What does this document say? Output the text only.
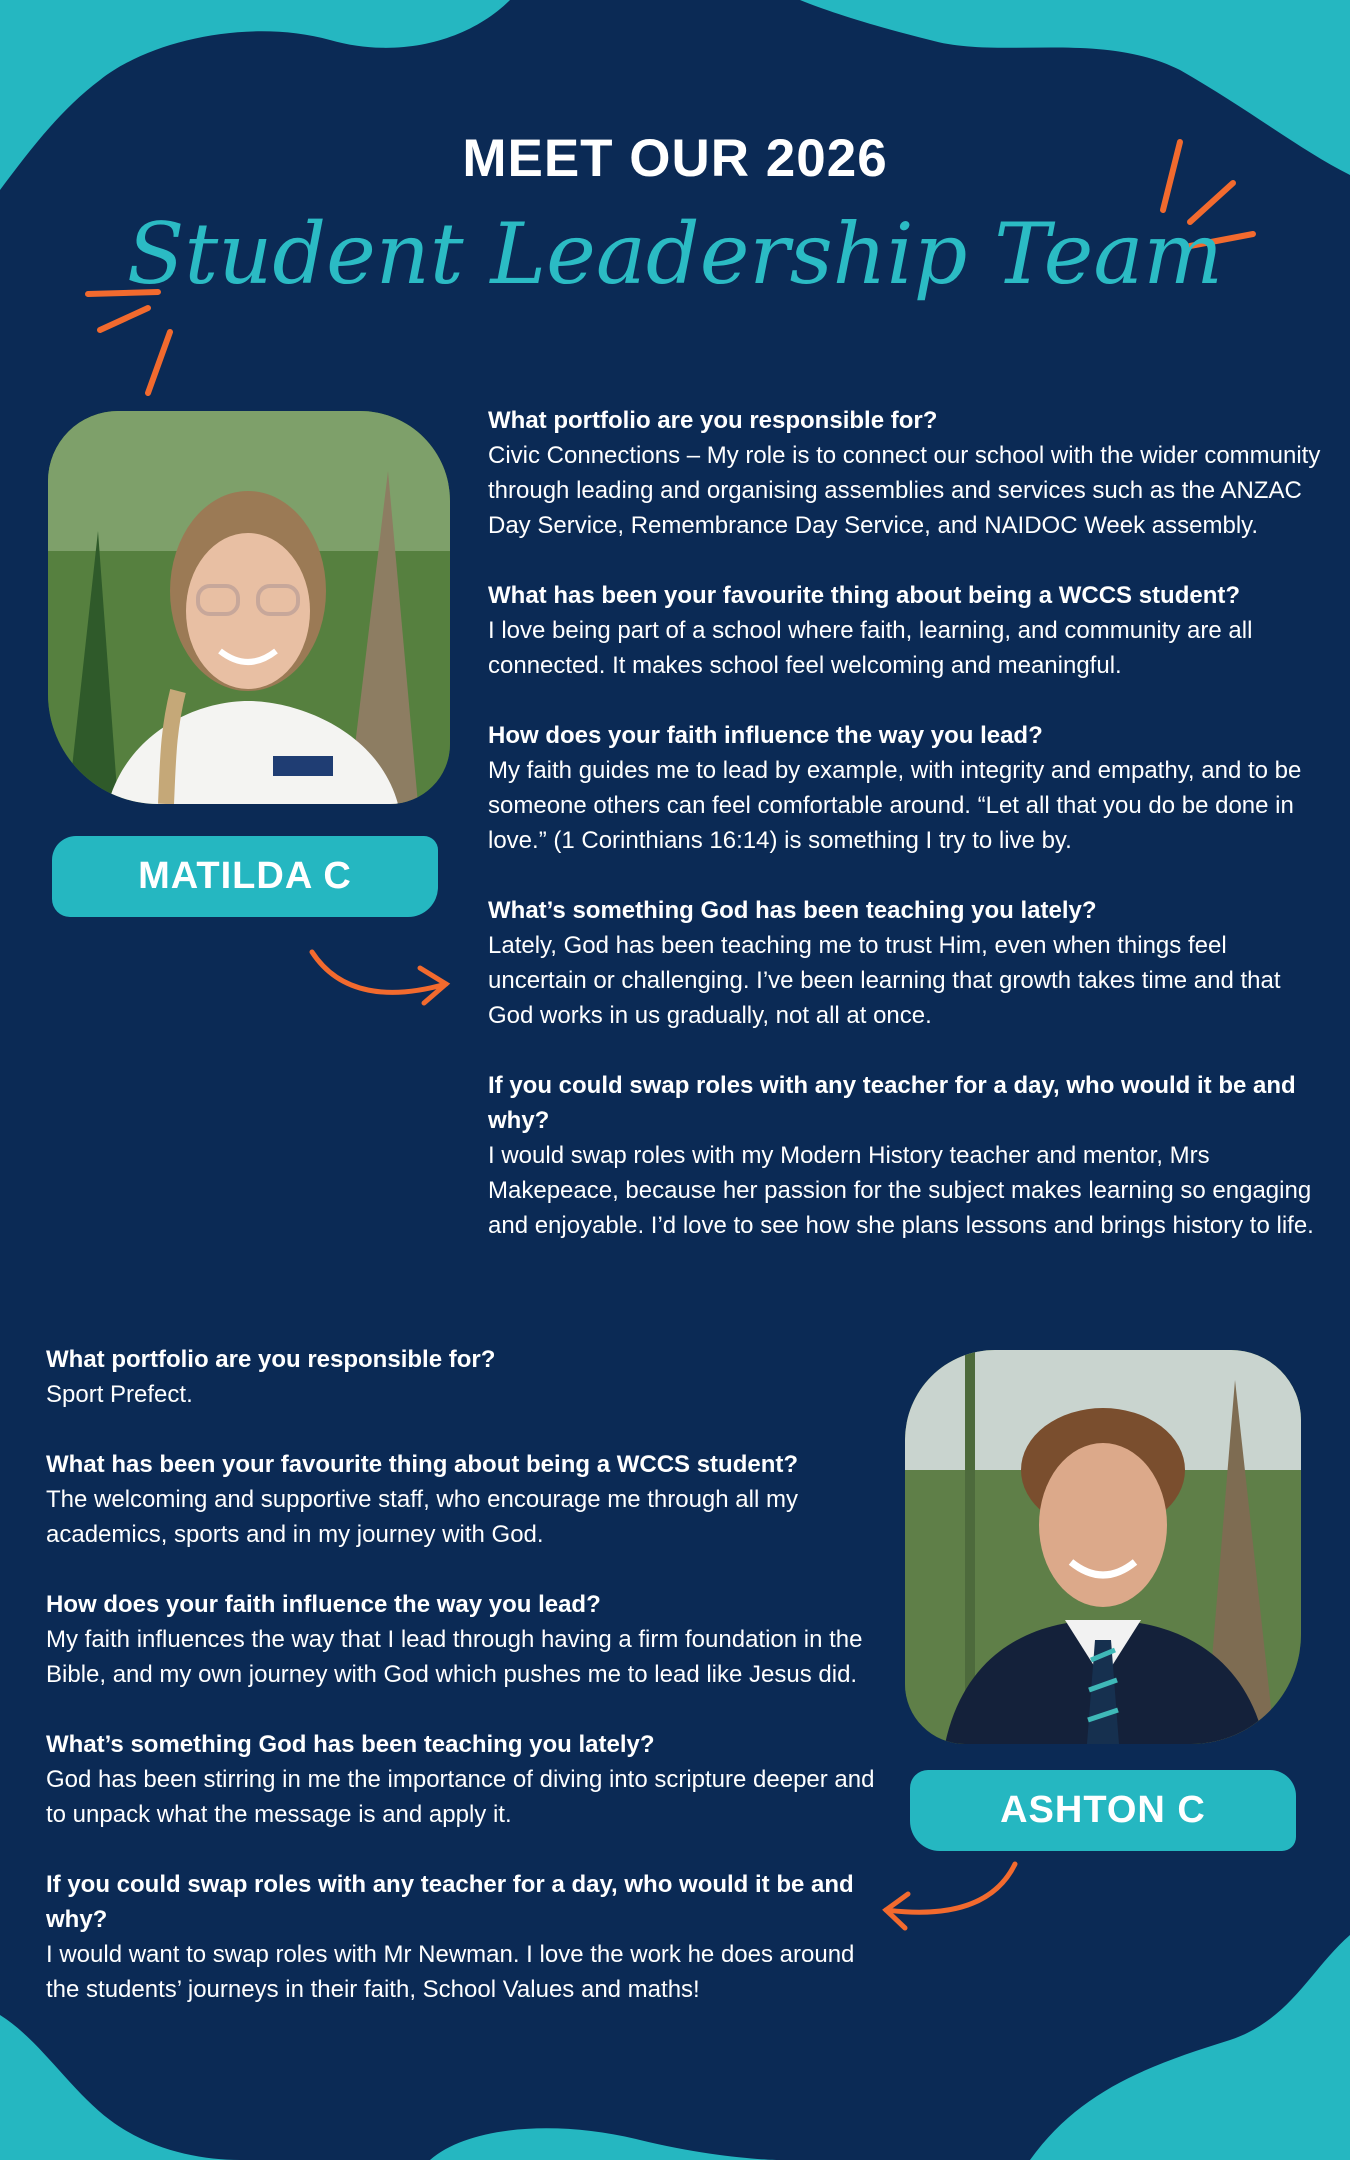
MEET OUR 2026
Student Leadership Team
MATILDA C
What portfolio are you responsible for?
Civic Connections – My role is to connect our school with the wider community through leading and organising assemblies and services such as the ANZAC Day Service, Remembrance Day Service, and NAIDOC Week assembly.
What has been your favourite thing about being a WCCS student?
I love being part of a school where faith, learning, and community are all connected. It makes school feel welcoming and meaningful.
How does your faith influence the way you lead?
My faith guides me to lead by example, with integrity and empathy, and to be someone others can feel comfortable around. “Let all that you do be done in love.” (1 Corinthians 16:14) is something I try to live by.
What’s something God has been teaching you lately?
Lately, God has been teaching me to trust Him, even when things feel uncertain or challenging. I’ve been learning that growth takes time and that God works in us gradually, not all at once.
If you could swap roles with any teacher for a day, who would it be and why?
I would swap roles with my Modern History teacher and mentor, Mrs Makepeace, because her passion for the subject makes learning so engaging and enjoyable. I’d love to see how she plans lessons and brings history to life.
What portfolio are you responsible for?
Sport Prefect.
What has been your favourite thing about being a WCCS student?
The welcoming and supportive staff, who encourage me through all my academics, sports and in my journey with God.
How does your faith influence the way you lead?
My faith influences the way that I lead through having a firm foundation in the Bible, and my own journey with God which pushes me to lead like Jesus did.
What’s something God has been teaching you lately?
God has been stirring in me the importance of diving into scripture deeper and to unpack what the message is and apply it.
If you could swap roles with any teacher for a day, who would it be and why?
I would want to swap roles with Mr Newman. I love the work he does around the students’ journeys in their faith, School Values and maths!
ASHTON C
